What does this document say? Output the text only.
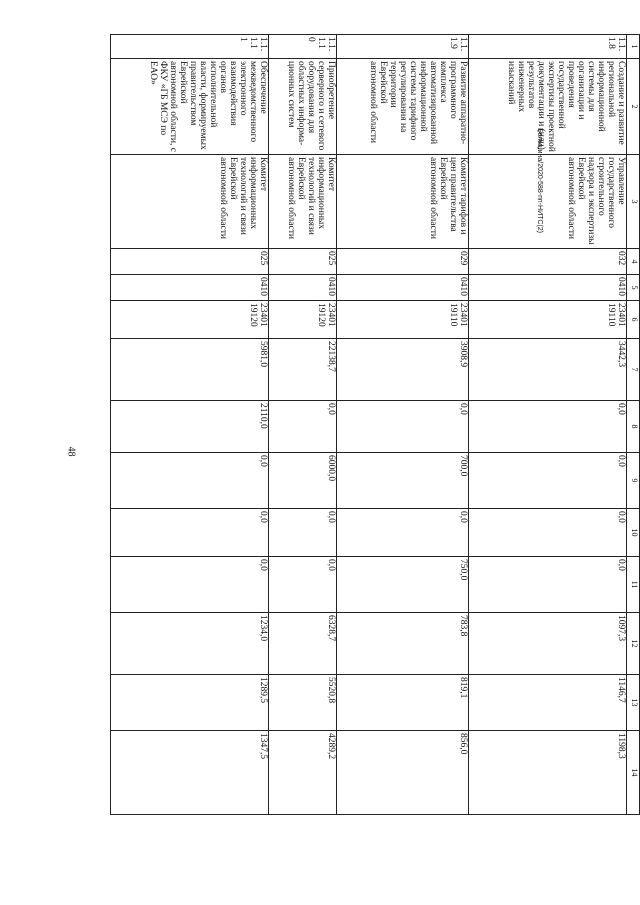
48
Бельшина/2020-588-пп-НИТС(2)
1	2	3	4	5	6	7	8	9	10	11	12	13	14
1.1.
1.8	Создание и развитие региональной информационной системы для организации и проведения государственной экспертизы проектной документации и (или) результатов инженерных изысканий	Управление государственного строительного надзора и экспертизы Еврейской автономной области	032	0410	23401 19110	3442,3	0,0	0,0	0,0	0,0	1097,3	1146,7	1198,3
1.1.
1.9	Развитие аппаратно-программного комплекса автоматизированной информационной системы тарифного регулирования на территории Еврейской автономной области	Комитет тарифов и цен правительства Еврейской автономной области	029	0410	23401 19110	3908,9	0,0	700,0	0,0	750,0	783,8	819,1	856,0
1.1.
1.1
0	Приобретение серверного и сетевого оборудования для областных информа-ционных систем	Комитет информационных технологий и связи Еврейской автономной области	025	0410	23401 19120	22138,7	0,0	6000,0	0,0	0,0	6328,7	5520,8	4289,2
1.1.
1.1
1	Обеспечение межведомственного электронного взаимодействия органов исполнительной власти, формируемых правительством Еврейской автономной области, с ФКУ «ГБ МСЭ по ЕАО»	Комитет информационных технологий и связи Еврейской автономной области	025	0410	23401 19120	5981,0	2110,0	0,0	0,0	0,0	1234,0	1289,5	1347,5
